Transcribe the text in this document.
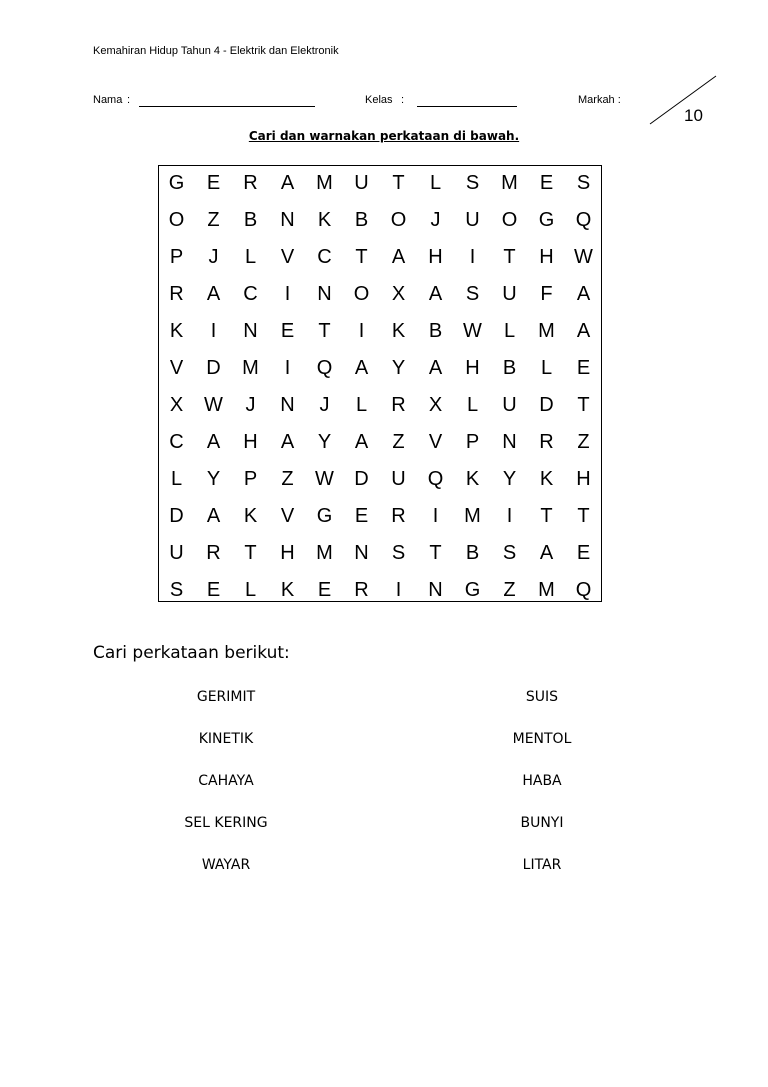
Kemahiran Hidup Tahun 4 - Elektrik dan Elektronik
Nama :	Kelas :	Markah :
10
Cari dan warnakan perkataan di bawah.
G	E	R	A	M	U	T	L	S	M	E	S
O	Z	B	N	K	B	O	J	U	O	G	Q
P	J	L	V	C	T	A	H	I	T	H	W
R	A	C	I	N	O	X	A	S	U	F	A
K	I	N	E	T	I	K	B	W	L	M	A
V	D	M	I	Q	A	Y	A	H	B	L	E
X	W	J	N	J	L	R	X	L	U	D	T
C	A	H	A	Y	A	Z	V	P	N	R	Z
L	Y	P	Z	W	D	U	Q	K	Y	K	H
D	A	K	V	G	E	R	I	M	I	T	T
U	R	T	H	M	N	S	T	B	S	A	E
S	E	L	K	E	R	I	N	G	Z	M	Q
Cari perkataan berikut:
GERIMIT
KINETIK
CAHAYA
SEL KERING
WAYAR
SUIS
MENTOL
HABA
BUNYI
LITAR
